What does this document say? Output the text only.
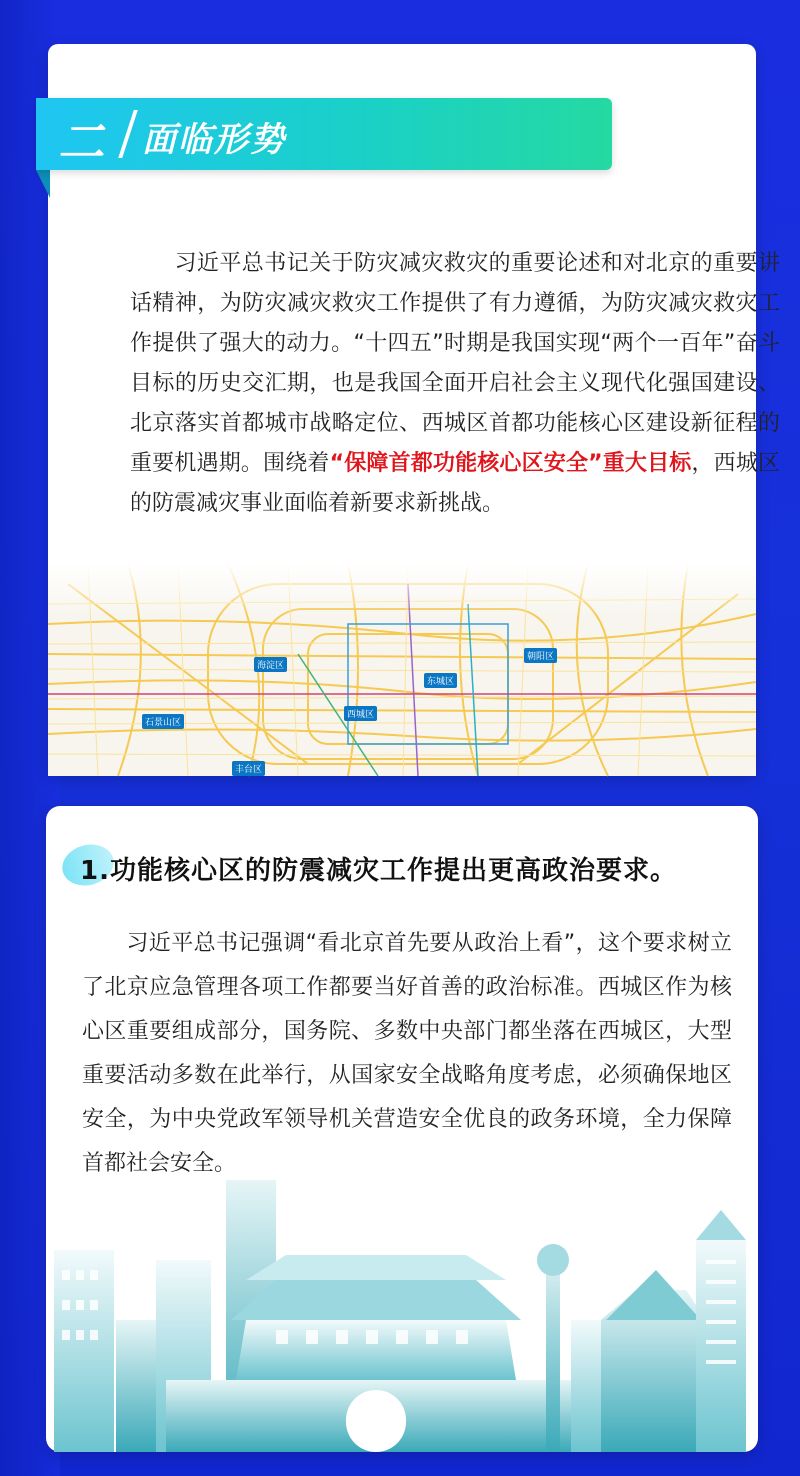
习近平总书记关于防灾减灾救灾的重要论述和对北京的重要讲话精神，为防灾减灾救灾工作提供了有力遵循，为防灾减灾救灾工作提供了强大的动力。“十四五”时期是我国实现“两个一百年”奋斗目标的历史交汇期，也是我国全面开启社会主义现代化强国建设、北京落实首都城市战略定位、西城区首都功能核心区建设新征程的重要机遇期。围绕着“保障首都功能核心区安全”重大目标，西城区的防震减灾事业面临着新要求新挑战。
海淀区
朝阳区
东城区
西城区
石景山区
丰台区
二 面临形势
1.功能核心区的防震减灾工作提出更高政治要求。
习近平总书记强调“看北京首先要从政治上看”，这个要求树立了北京应急管理各项工作都要当好首善的政治标准。西城区作为核心区重要组成部分，国务院、多数中央部门都坐落在西城区，大型重要活动多数在此举行，从国家安全战略角度考虑，必须确保地区安全，为中央党政军领导机关营造安全优良的政务环境，全力保障首都社会安全。
